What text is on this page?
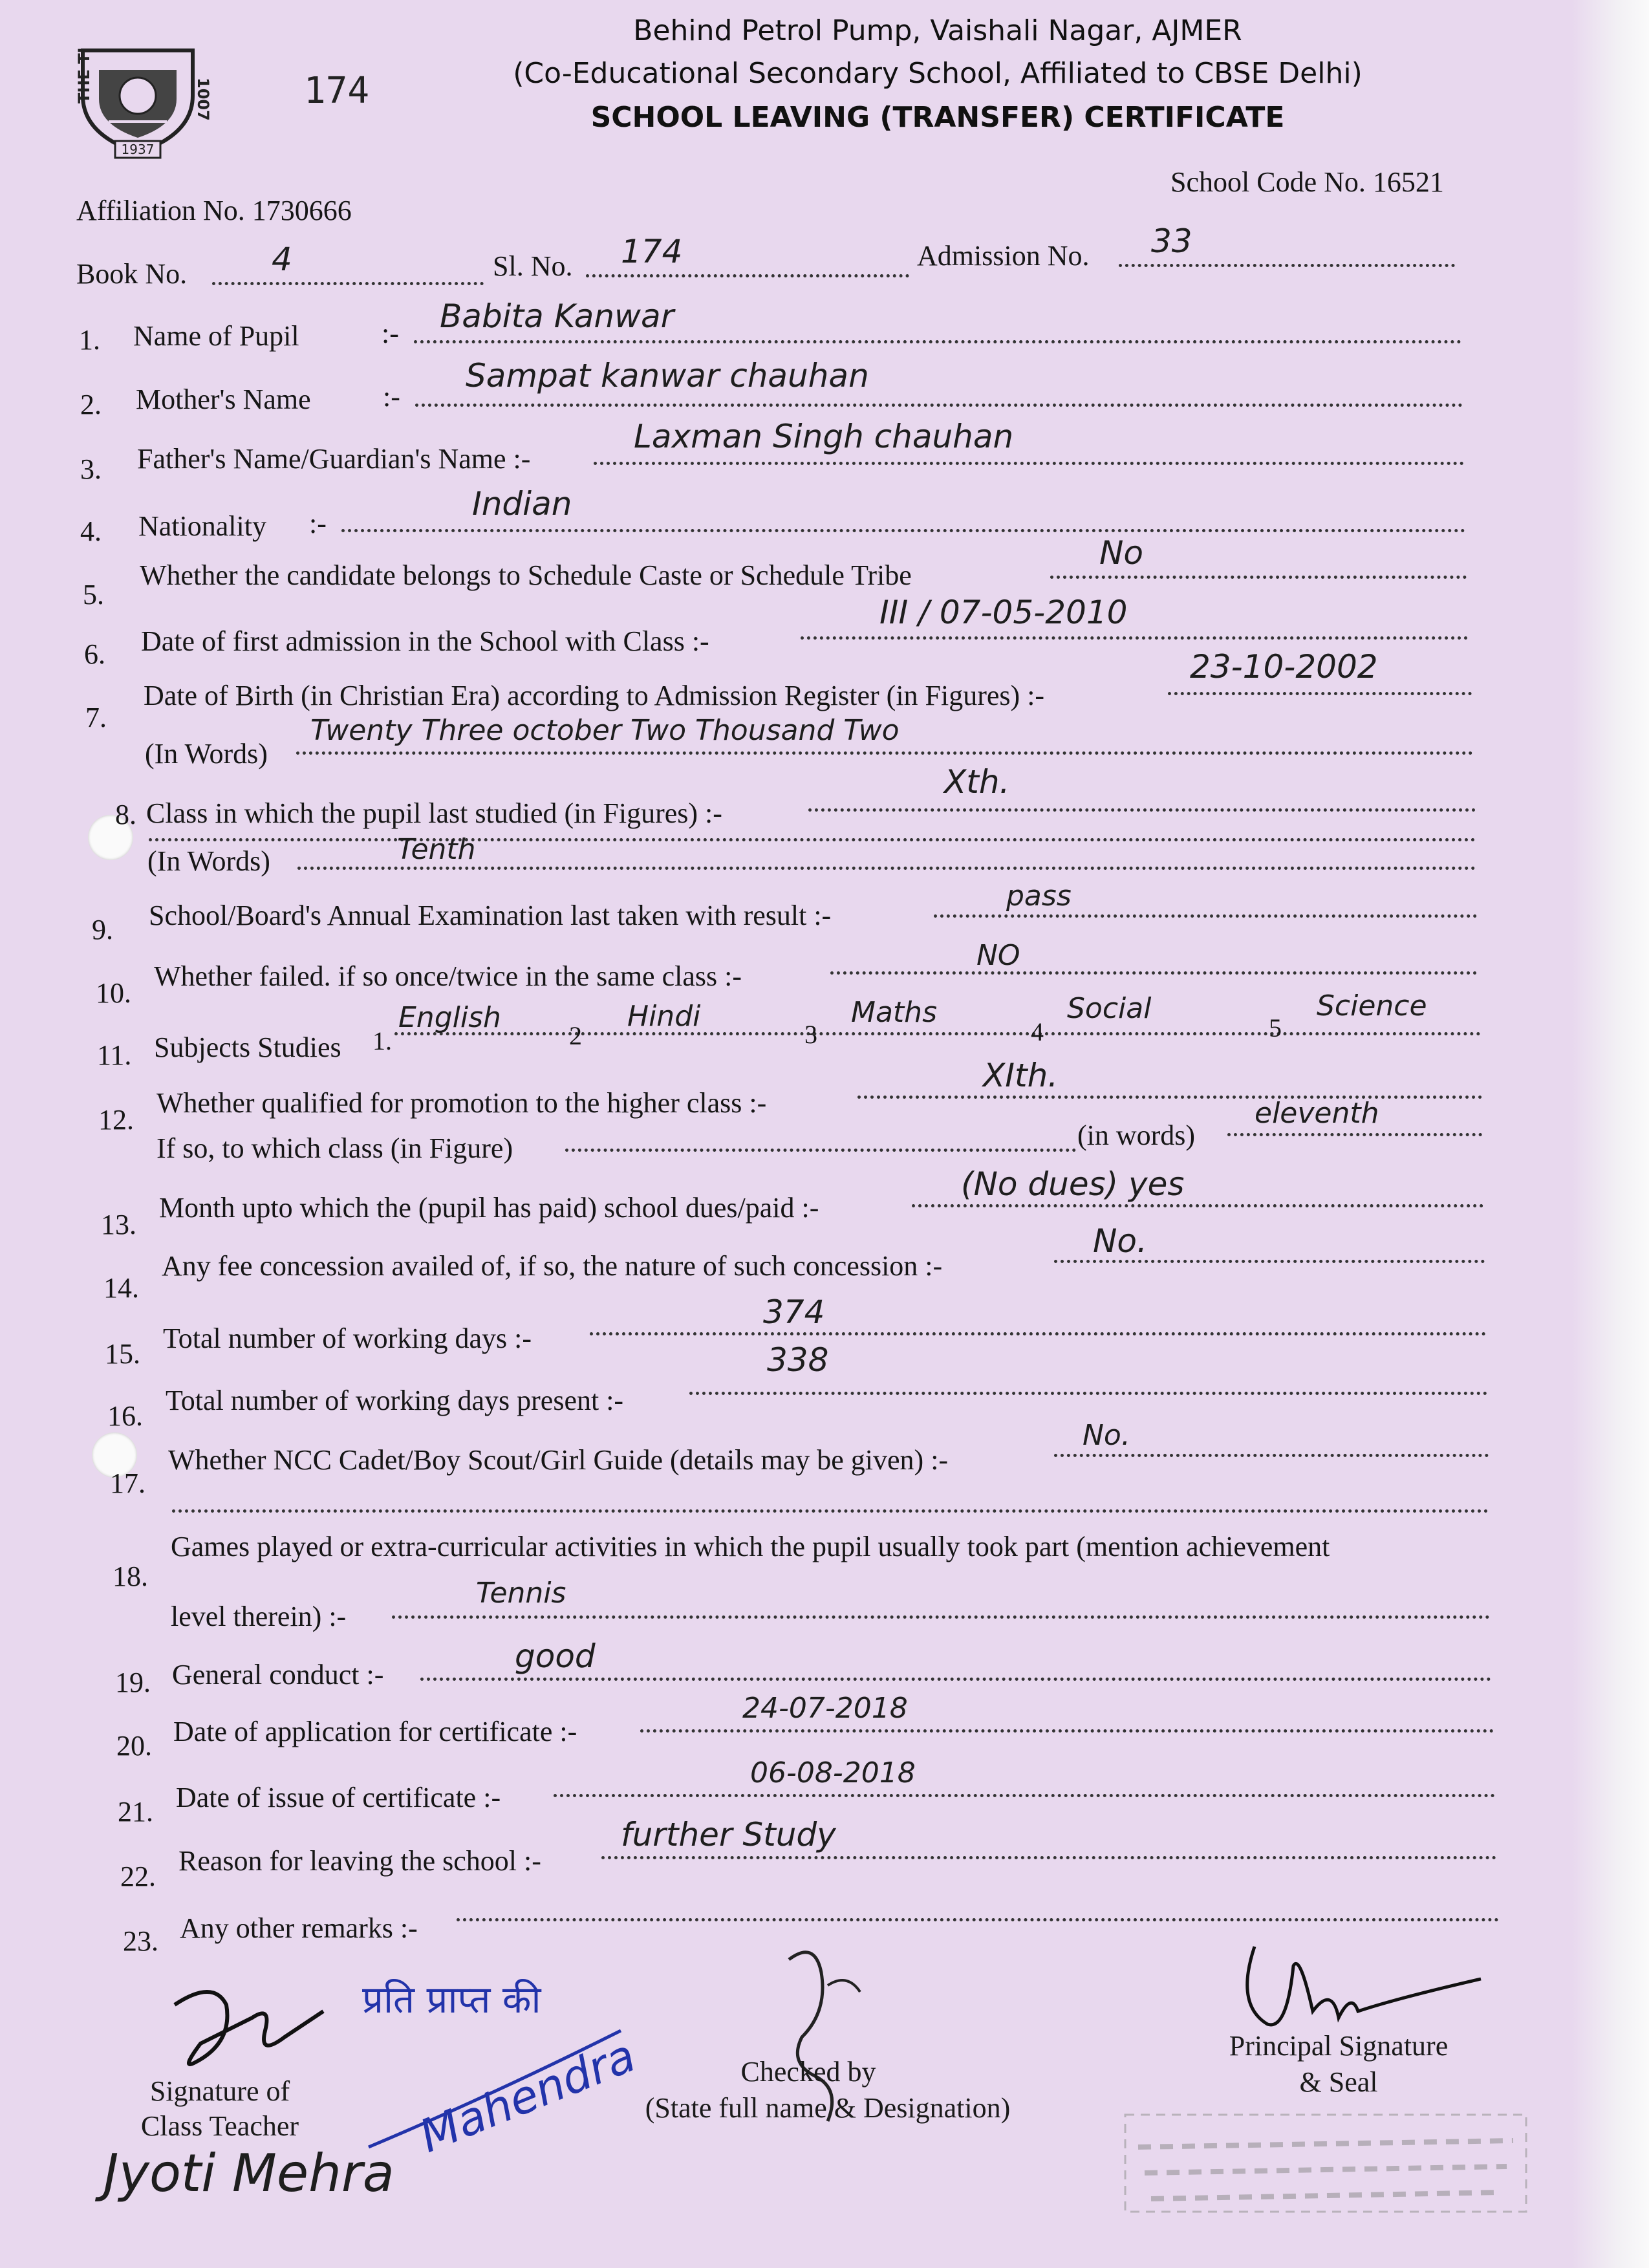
THE TI	1007
1937
174
Behind Petrol Pump, Vaishali Nagar, AJMER
(Co-Educational Secondary School, Affiliated to CBSE Delhi)
SCHOOL LEAVING (TRANSFER) CERTIFICATE
Affiliation No. 1730666
School Code No. 16521
Book No.	4	Sl. No. 174	Admission No. 33
1. Name of Pupil	:- Babita Kanwar
2. Mother's Name	:-
Sampat kanwar chauhan
3. Father's Name/Guardian's Name :-
Laxman Singh chauhan
4. Nationality :-
Indian
5.
Whether the candidate belongs to Schedule Caste or Schedule Tribe
No
6. Date of first admission in the School with Class :-
III / 07-05-2010
7.
Date of Birth (in Christian Era) according to Admission Register (in Figures) :-
23-10-2002
(In Words)
Twenty Three october Two Thousand Two
8. Class in which the pupil last studied (in Figures) :-
Xth.
(In Words)	Tenth
9. School/Board's Annual Examination last taken with result :-
pass
10.
Whether failed. if so once/twice in the same class :-
NO
11. Subjects Studies 1.
English
2
Hindi
3
Maths
4
Social
5
Science
12.
Whether qualified for promotion to the higher class :-
XIth.
If so, to which class (in Figure)	(in words)
eleventh
13.
Month upto which the (pupil has paid) school dues/paid :-
(No dues) yes
14.
Any fee concession availed of, if so, the nature of such concession :-
No.
15. Total number of working days :-
374
16. Total number of working days present :-
338
17.
Whether NCC Cadet/Boy Scout/Girl Guide (details may be given) :-
No.
18.
Games played or extra-curricular activities in which the pupil usually took part (mention achievement
level therein) :-
Tennis
19. General conduct :-	good
20. Date of application for certificate :-
24-07-2018
21. Date of issue of certificate :-
06-08-2018
22. Reason for leaving the school :-
further Study
23. Any other remarks :-
Signature of
Class Teacher
Jyoti Mehra
प्रति प्राप्त की
Mahendra	Checked by
(State full name & Designation)
Principal Signature
& Seal
